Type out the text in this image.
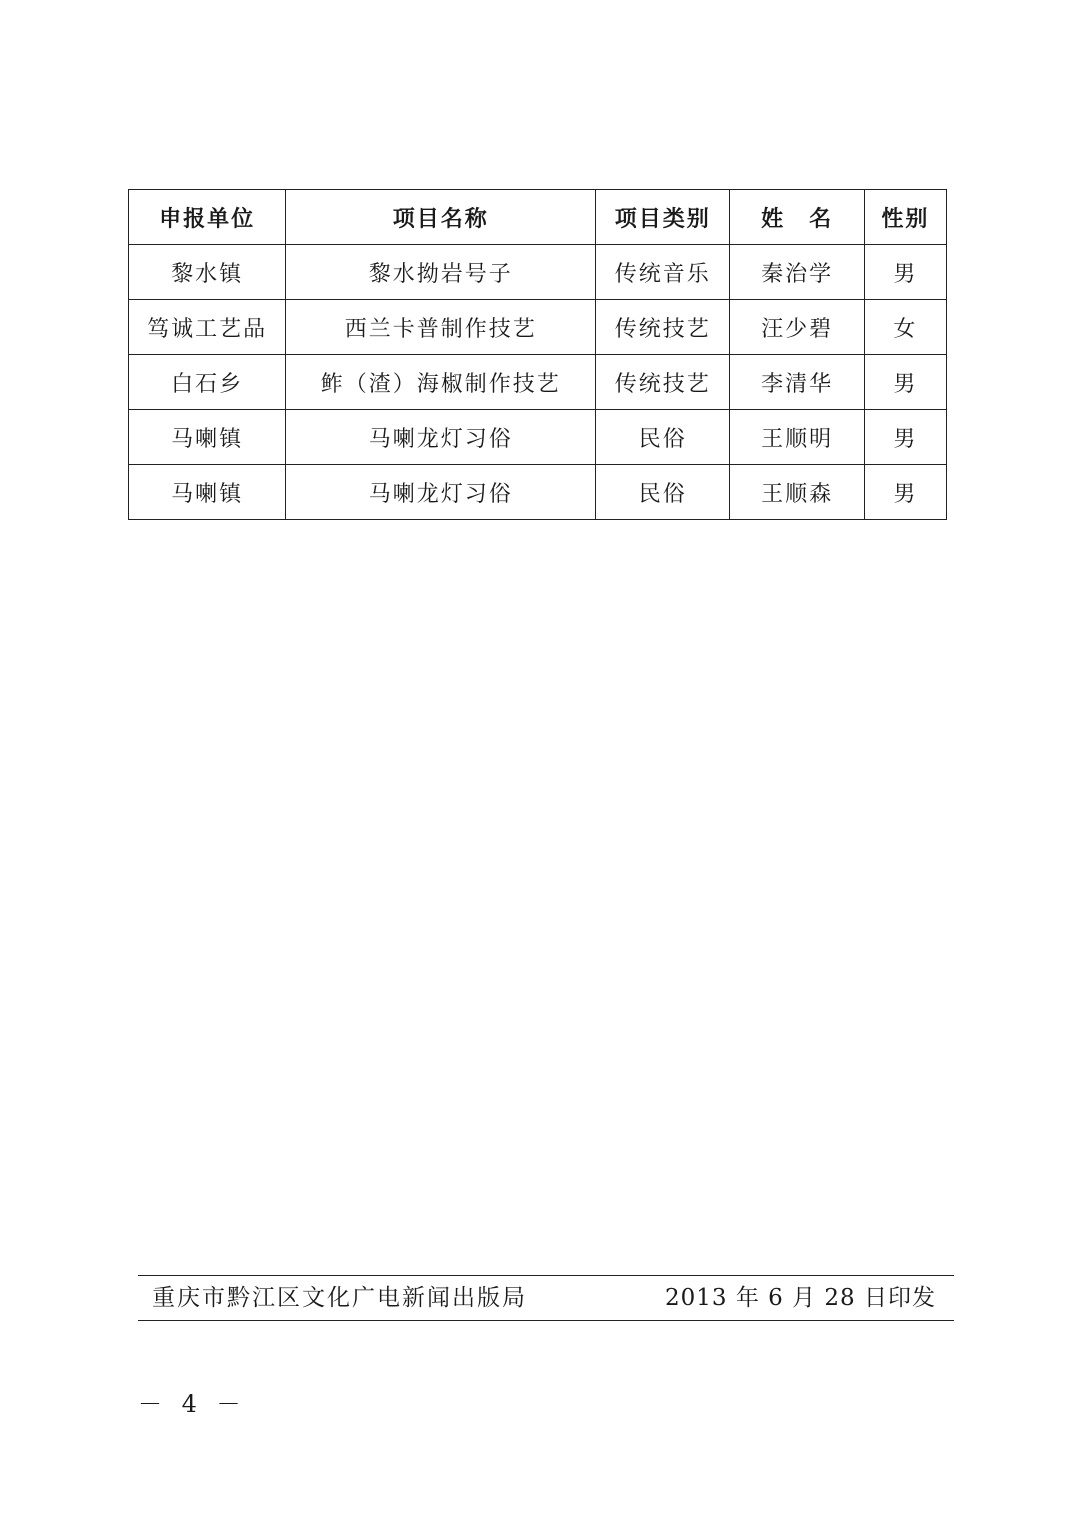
申报单位	项目名称	项目类别	姓　名	性别
黎水镇	黎水拗岩号子	传统音乐	秦治学	男
笃诚工艺品	西兰卡普制作技艺	传统技艺	汪少碧	女
白石乡	鲊（渣）海椒制作技艺	传统技艺	李清华	男
马喇镇	马喇龙灯习俗	民俗	王顺明	男
马喇镇	马喇龙灯习俗	民俗	王顺森	男
重庆市黔江区文化广电新闻出版局	2013 年 6 月 28 日印发
－ 4 －
